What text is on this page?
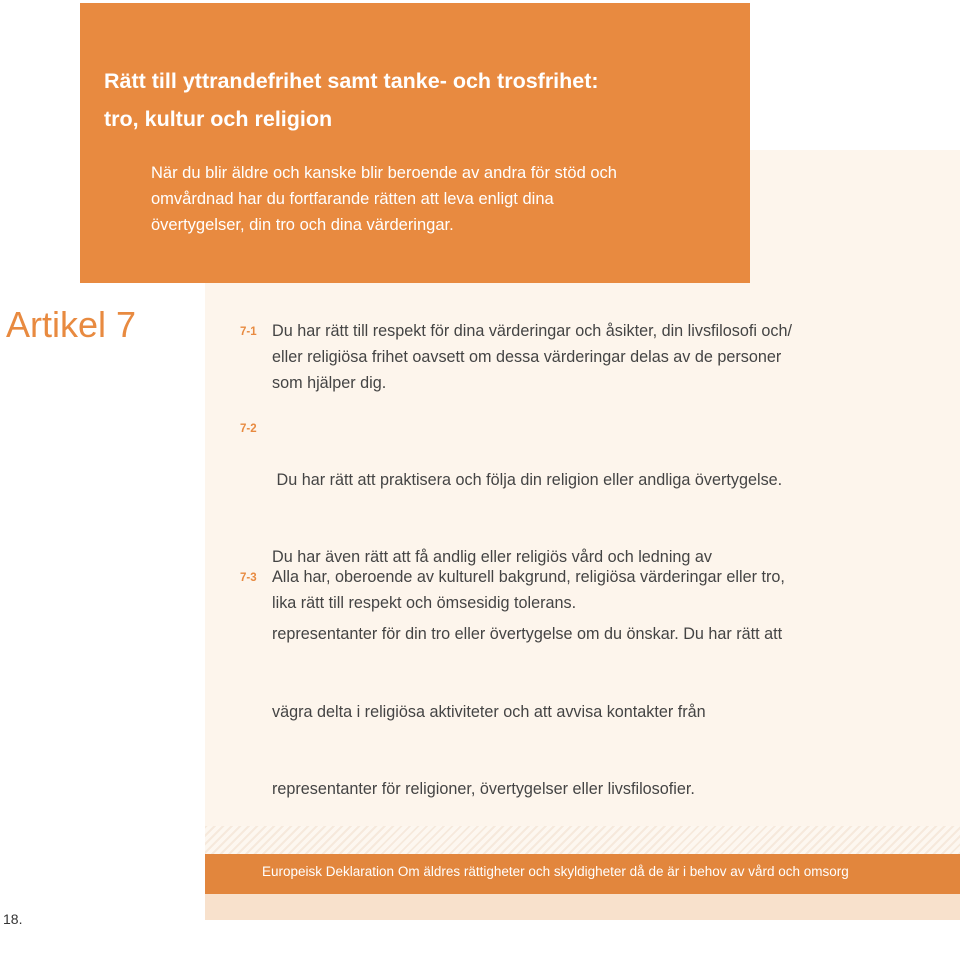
Europeisk Deklaration Om äldres rättigheter och skyldigheter då de är i behov av vård och omsorg
18.
Rätt till yttrandefrihet samt tanke- och trosfrihet:
tro, kultur och religion
När du blir äldre och kanske blir beroende av andra för stöd och
omvårdnad har du fortfarande rätten att leva enligt dina
övertygelser, din tro och dina värderingar.
Artikel 7	7-1 Du har rätt till respekt för dina värderingar och åsikter, din livsfilosofi och/
eller religiösa frihet oavsett om dessa värderingar delas av de personer
som hjälper dig.
7-2

Du har rätt att praktisera och följa din religion eller andliga övertygelse.

Du har även rätt att få andlig eller religiös vård och ledning av

representanter för din tro eller övertygelse om du önskar. Du har rätt att

vägra delta i religiösa aktiviteter och att avvisa kontakter från

representanter för religioner, övertygelser eller livsfilosofier.

7-3 Alla har, oberoende av kulturell bakgrund, religiösa värderingar eller tro,
lika rätt till respekt och ömsesidig tolerans.
